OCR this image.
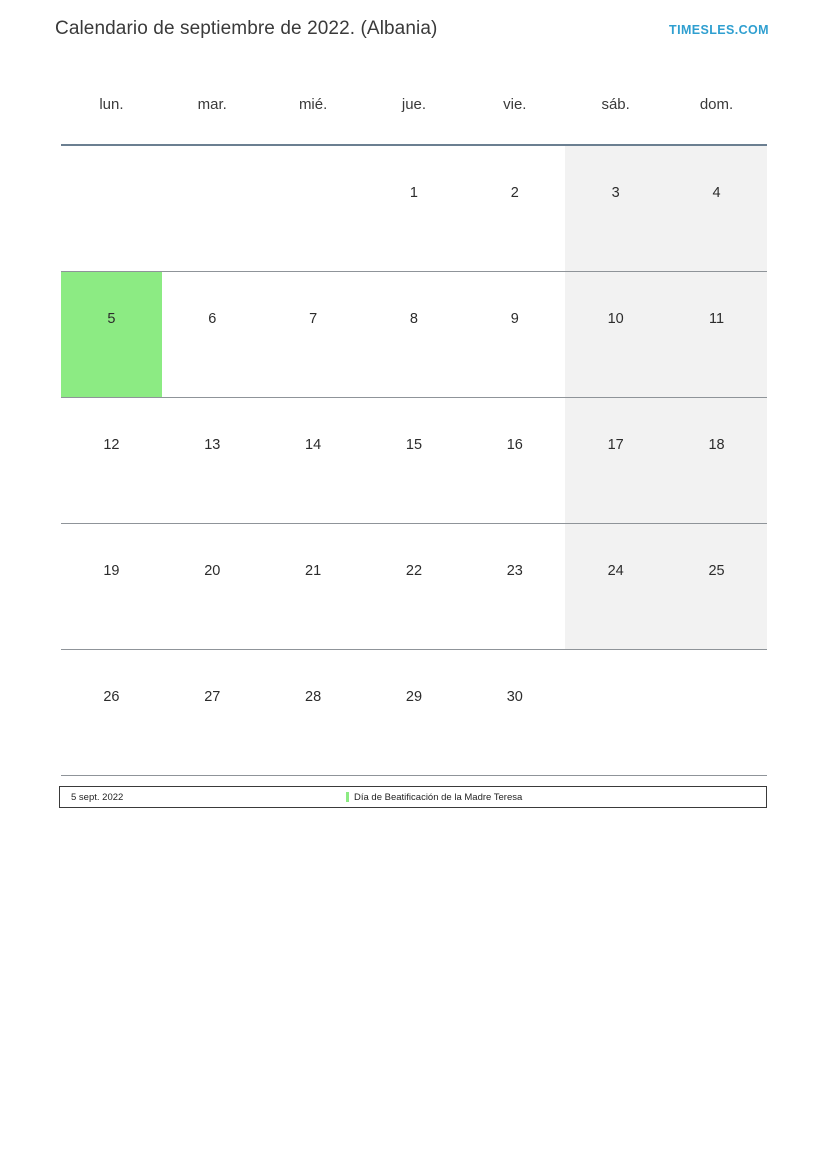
Calendario de septiembre de 2022. (Albania)	TIMESLES.COM
lun.	mar.	mié.	jue.	vie.	sáb.	dom.

			1	2	3	4

5	6	7	8	9	10	11

12	13	14	15	16	17	18

19	20	21	22	23	24	25

26	27	28	29	30		

5 sept. 2022	Día de Beatificación de la Madre Teresa
